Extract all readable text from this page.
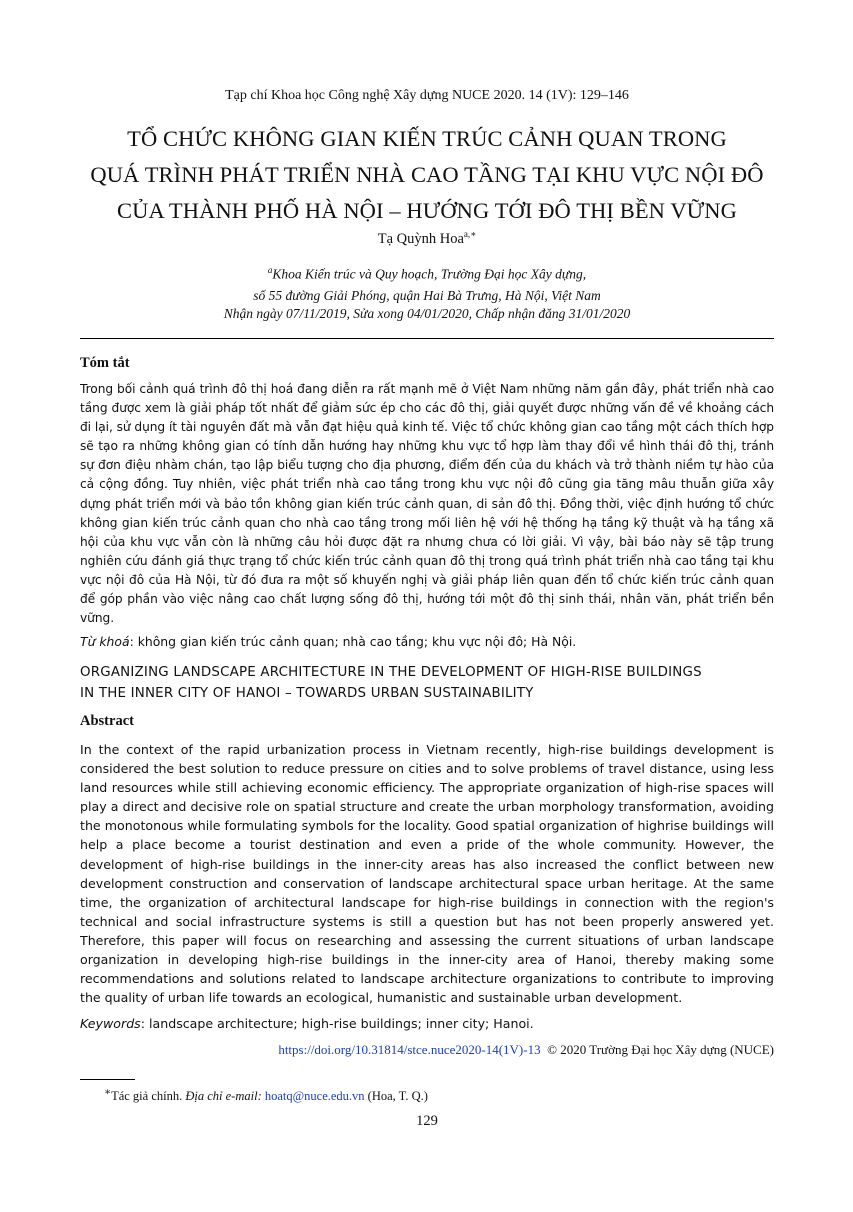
Tạp chí Khoa học Công nghệ Xây dựng NUCE 2020. 14 (1V): 129–146
TỔ CHỨC KHÔNG GIAN KIẾN TRÚC CẢNH QUAN TRONG
QUÁ TRÌNH PHÁT TRIỂN NHÀ CAO TẦNG TẠI KHU VỰC NỘI ĐÔ
CỦA THÀNH PHỐ HÀ NỘI – HƯỚNG TỚI ĐÔ THỊ BỀN VỮNG
Tạ Quỳnh Hoa$^{a,∗}$
$^a$Khoa Kiến trúc và Quy hoạch, Trường Đại học Xây dựng,
số 55 đường Giải Phóng, quận Hai Bà Trưng, Hà Nội, Việt Nam
Nhận ngày 07/11/2019, Sửa xong 04/01/2020, Chấp nhận đăng 31/01/2020
Tóm tắt
Trong bối cảnh quá trình đô thị hoá đang diễn ra rất mạnh mẽ ở Việt Nam những năm gần đây, phát triển nhà cao tầng được xem là giải pháp tốt nhất để giảm sức ép cho các đô thị, giải quyết được những vấn đề về khoảng cách đi lại, sử dụng ít tài nguyên đất mà vẫn đạt hiệu quả kinh tế. Việc tổ chức không gian cao tầng một cách thích hợp sẽ tạo ra những không gian có tính dẫn hướng hay những khu vực tổ hợp làm thay đổi về hình thái đô thị, tránh sự đơn điệu nhàm chán, tạo lập biểu tượng cho địa phương, điểm đến của du khách và trở thành niềm tự hào của cả cộng đồng. Tuy nhiên, việc phát triển nhà cao tầng trong khu vực nội đô cũng gia tăng mâu thuẫn giữa xây dựng phát triển mới và bảo tồn không gian kiến trúc cảnh quan, di sản đô thị. Đồng thời, việc định hướng tổ chức không gian kiến trúc cảnh quan cho nhà cao tầng trong mối liên hệ với hệ thống hạ tầng kỹ thuật và hạ tầng xã hội của khu vực vẫn còn là những câu hỏi được đặt ra nhưng chưa có lời giải. Vì vậy, bài báo này sẽ tập trung nghiên cứu đánh giá thực trạng tổ chức kiến trúc cảnh quan đô thị trong quá trình phát triển nhà cao tầng tại khu vực nội đô của Hà Nội, từ đó đưa ra một số khuyến nghị và giải pháp liên quan đến tổ chức kiến trúc cảnh quan để góp phần vào việc nâng cao chất lượng sống đô thị, hướng tới một đô thị sinh thái, nhân văn, phát triển bền vững.
Từ khoá: không gian kiến trúc cảnh quan; nhà cao tầng; khu vực nội đô; Hà Nội.
ORGANIZING LANDSCAPE ARCHITECTURE IN THE DEVELOPMENT OF HIGH-RISE BUILDINGS
IN THE INNER CITY OF HANOI – TOWARDS URBAN SUSTAINABILITY
Abstract
In the context of the rapid urbanization process in Vietnam recently, high-rise buildings development is considered the best solution to reduce pressure on cities and to solve problems of travel distance, using less land resources while still achieving economic efficiency. The appropriate organization of high-rise spaces will play a direct and decisive role on spatial structure and create the urban morphology transformation, avoiding the monotonous while formulating symbols for the locality. Good spatial organization of highrise buildings will help a place become a tourist destination and even a pride of the whole community. However, the development of high-rise buildings in the inner-city areas has also increased the conflict between new development construction and conservation of landscape architectural space urban heritage. At the same time, the organization of architectural landscape for high-rise buildings in connection with the region's technical and social infrastructure systems is still a question but has not been properly answered yet. Therefore, this paper will focus on researching and assessing the current situations of urban landscape organization in developing high-rise buildings in the inner-city area of Hanoi, thereby making some recommendations and solutions related to landscape architecture organizations to contribute to improving the quality of urban life towards an ecological, humanistic and sustainable urban development.
Keywords: landscape architecture; high-rise buildings; inner city; Hanoi.
https://doi.org/10.31814/stce.nuce2020-14(1V)-13 © 2020 Trường Đại học Xây dựng (NUCE)
∗Tác giả chính. Địa chỉ e-mail: hoatq@nuce.edu.vn (Hoa, T. Q.)
129
